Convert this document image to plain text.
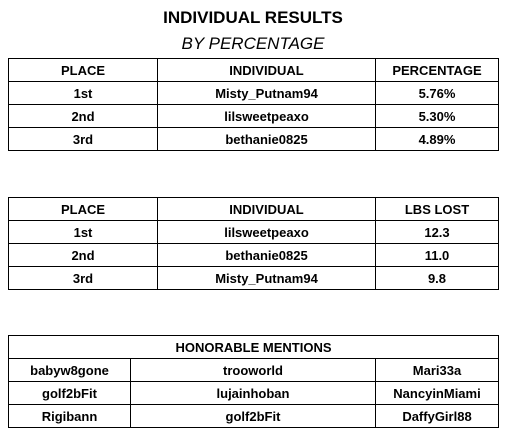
INDIVIDUAL RESULTS
BY PERCENTAGE
PLACE	INDIVIDUAL	PERCENTAGE
1st	Misty_Putnam94	5.76%
2nd	lilsweetpeaxo	5.30%
3rd	bethanie0825	4.89%
PLACE	INDIVIDUAL	LBS LOST
1st	lilsweetpeaxo	12.3
2nd	bethanie0825	11.0
3rd	Misty_Putnam94	9.8
HONORABLE MENTIONS		
babyw8gone	trooworld	Mari33a
golf2bFit	lujainhoban	NancyinMiami
Rigibann	golf2bFit	DaffyGirl88
